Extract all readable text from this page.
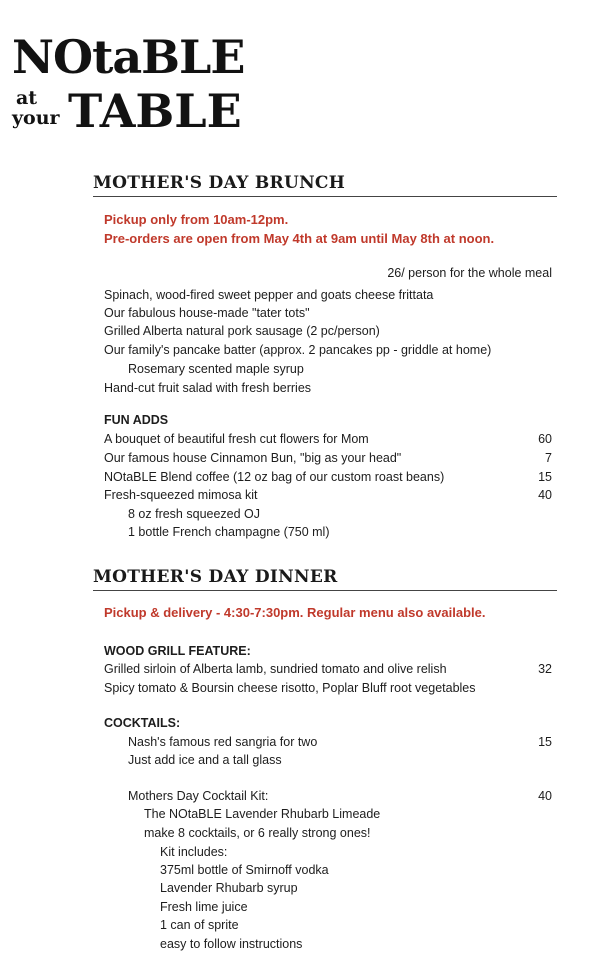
NOtaBLE
at
your TABLE
MOTHER'S DAY BRUNCH
Pickup only from 10am-12pm.
Pre-orders are open from May 4th at 9am until May 8th at noon.
26/ person for the whole meal
Spinach, wood-fired sweet pepper and goats cheese frittata
Our fabulous house-made "tater tots"
Grilled Alberta natural pork sausage (2 pc/person)
Our family's pancake batter (approx. 2 pancakes pp - griddle at home)
Rosemary scented maple syrup
Hand-cut fruit salad with fresh berries
FUN ADDS
A bouquet of beautiful fresh cut flowers for Mom	60
Our famous house Cinnamon Bun, "big as your head"	7
NOtaBLE Blend coffee (12 oz bag of our custom roast beans)	15
Fresh-squeezed mimosa kit	40
8 oz fresh squeezed OJ
1 bottle French champagne (750 ml)
MOTHER'S DAY DINNER
Pickup & delivery - 4:30-7:30pm. Regular menu also available.
WOOD GRILL FEATURE:
Grilled sirloin of Alberta lamb, sundried tomato and olive relish	32
Spicy tomato & Boursin cheese risotto, Poplar Bluff root vegetables
COCKTAILS:
Nash's famous red sangria for two	15
Just add ice and a tall glass
Mothers Day Cocktail Kit:	40
The NOtaBLE Lavender Rhubarb Limeade
make 8 cocktails, or 6 really strong ones!
Kit includes:
375ml bottle of Smirnoff vodka
Lavender Rhubarb syrup
Fresh lime juice
1 can of sprite
easy to follow instructions
